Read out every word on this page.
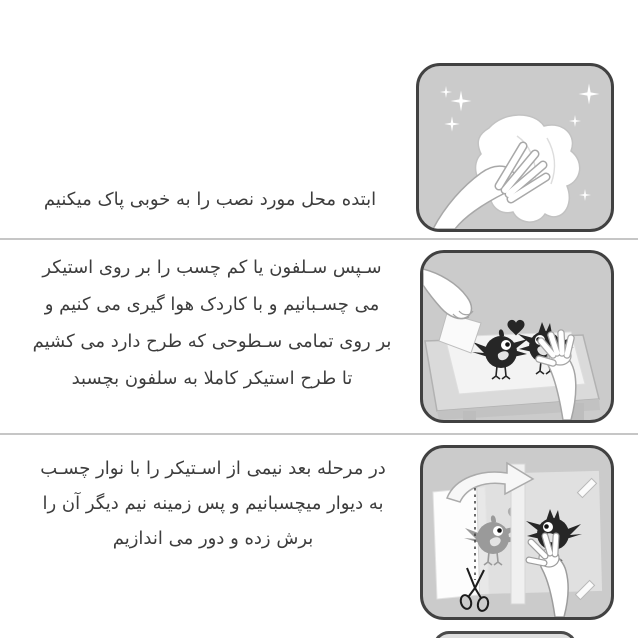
ابتده محل مورد نصب را به خوبی پاک میکنیم
سـپس سـلفون یا کم چسب را بر روی استیکر
می چسـبانیم و با کاردک هوا گیری می کنیم و
بر روی تمامی سـطوحی که طرح دارد می کشیم
تا طرح استیکر کاملا به سلفون بچسبد
در مرحله بعد نیمی از اسـتیکر را با نوار چسـب
به دیوار میچسبانیم و پس زمینه نیم دیگر آن را
برش زده و دور می اندازیم
